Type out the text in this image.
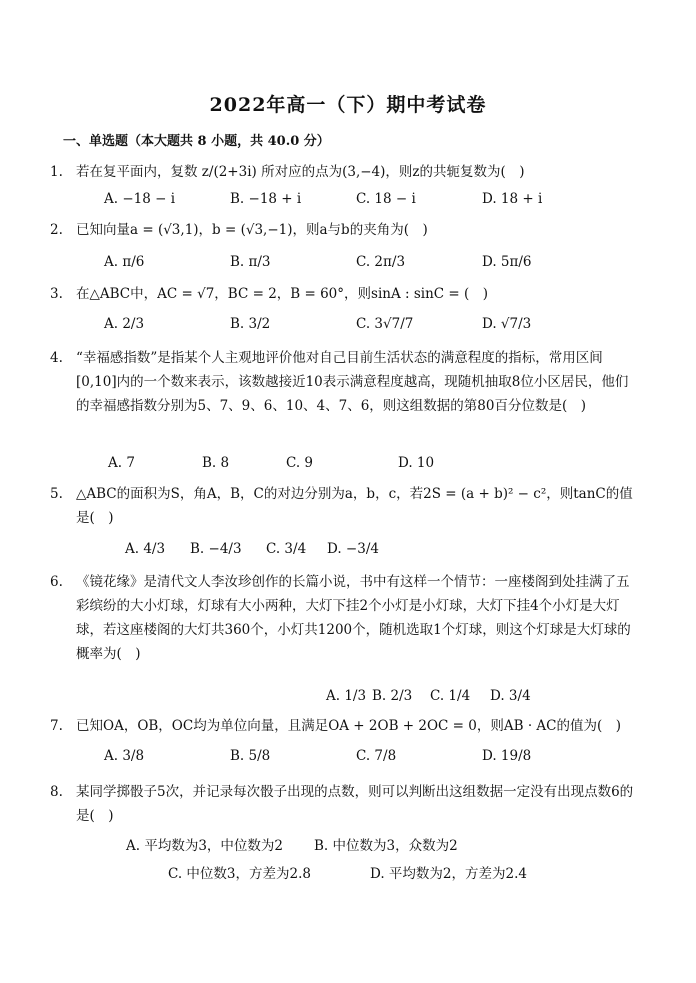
2022年高一（下）期中考试卷
一、单选题（本大题共 8 小题，共 40.0 分）
1. 若在复平面内，复数 z/(2+3i) 所对应的点为(3,−4)，则z的共轭复数为(　)
A. −18 − i	B. −18 + i	C. 18 − i	D. 18 + i
2. 已知向量a = (√3,1)，b = (√3,−1)，则a与b的夹角为(　)
A. π/6	B. π/3	C. 2π/3	D. 5π/6
3. 在△ABC中，AC = √7，BC = 2，B = 60°，则sinA : sinC = (　)
A. 2/3	B. 3/2	C. 3√7/7	D. √7/3
4. “幸福感指数”是指某个人主观地评价他对自己目前生活状态的满意程度的指标，常用区间[0,10]内的一个数来表示，该数越接近10表示满意程度越高，现随机抽取8位小区居民，他们的幸福感指数分别为5、7、9、6、10、4、7、6，则这组数据的第80百分位数是(　)
A. 7	B. 8	C. 9	D. 10
5. △ABC的面积为S，角A，B，C的对边分别为a，b，c，若2S = (a + b)² − c²，则tanC的值是(　)
A. 4/3 B. −4/3 C. 3/4 D. −3/4
6. 《镜花缘》是清代文人李汝珍创作的长篇小说，书中有这样一个情节：一座楼阁到处挂满了五彩缤纷的大小灯球，灯球有大小两种，大灯下挂2个小灯是小灯球，大灯下挂4个小灯是大灯球，若这座楼阁的大灯共360个，小灯共1200个，随机选取1个灯球，则这个灯球是大灯球的概率为(　)
A. 1/3 B. 2/3 C. 1/4 D. 3/4
7. 已知OA，OB，OC均为单位向量，且满足OA + 2OB + 2OC = 0，则AB · AC的值为(　)
A. 3/8	B. 5/8	C. 7/8	D. 19/8
8. 某同学掷骰子5次，并记录每次骰子出现的点数，则可以判断出这组数据一定没有出现点数6的是(　)
A. 平均数为3，中位数为2 B. 中位数为3，众数为2
C. 中位数3，方差为2.8	D. 平均数为2，方差为2.4
